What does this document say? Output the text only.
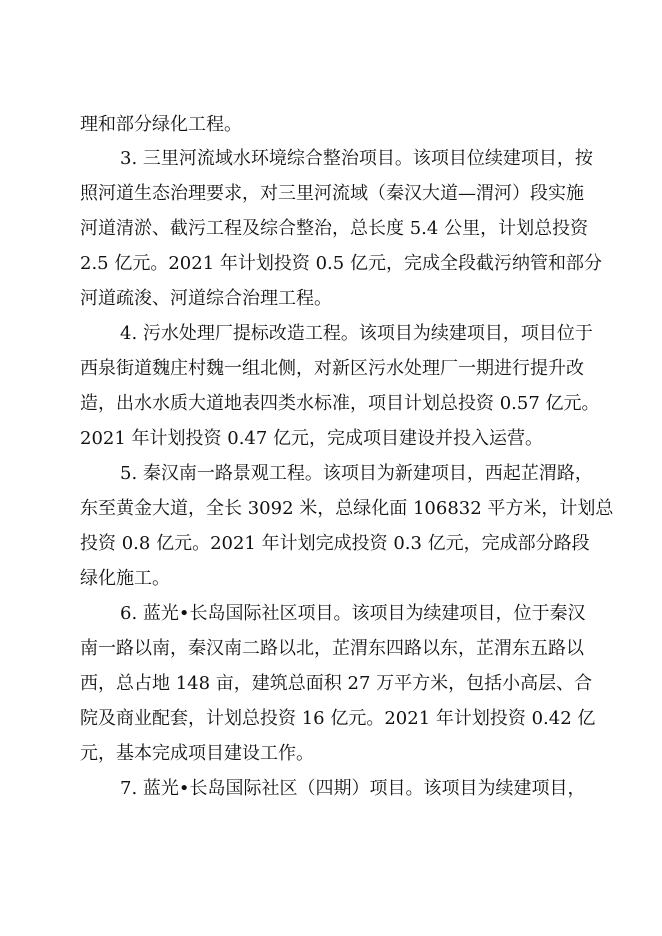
理和部分绿化工程。

3. 三里河流域水环境综合整治项目。该项目位续建项目，按

照河道生态治理要求，对三里河流域（秦汉大道—渭河）段实施

河道清淤、截污工程及综合整治，总长度 5.4 公里，计划总投资

2.5 亿元。2021 年计划投资 0.5 亿元，完成全段截污纳管和部分

河道疏浚、河道综合治理工程。

4. 污水处理厂提标改造工程。该项目为续建项目，项目位于

西泉街道魏庄村魏一组北侧，对新区污水处理厂一期进行提升改

造，出水水质大道地表四类水标准，项目计划总投资 0.57 亿元。

2021 年计划投资 0.47 亿元，完成项目建设并投入运营。

5. 秦汉南一路景观工程。该项目为新建项目，西起芷渭路，

东至黄金大道，全长 3092 米，总绿化面 106832 平方米，计划总

投资 0.8 亿元。2021 年计划完成投资 0.3 亿元，完成部分路段

绿化施工。

6. 蓝光•长岛国际社区项目。该项目为续建项目，位于秦汉

南一路以南，秦汉南二路以北，芷渭东四路以东，芷渭东五路以

西，总占地 148 亩，建筑总面积 27 万平方米，包括小高层、合

院及商业配套，计划总投资 16 亿元。2021 年计划投资 0.42 亿

元，基本完成项目建设工作。

7. 蓝光•长岛国际社区（四期）项目。该项目为续建项目，
